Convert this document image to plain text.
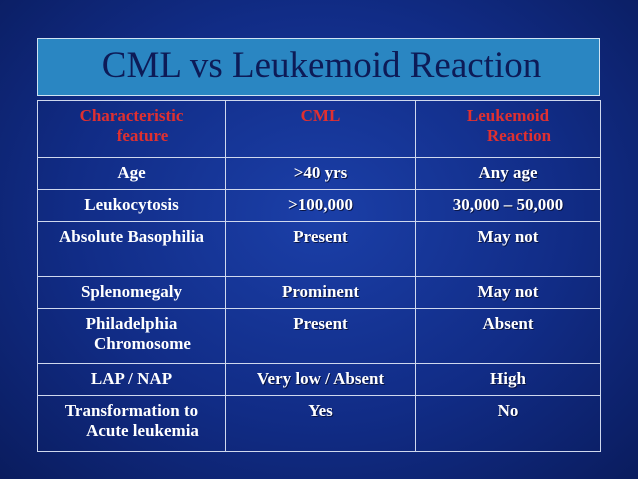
CML vs Leukemoid Reaction
Characteristic
feature	CML	Leukemoid
Reaction
Age	>40 yrs	Any age
Leukocytosis	>100,000	30,000 – 50,000
Absolute Basophilia	Present	May not
Splenomegaly	Prominent	May not
Philadelphia
Chromosome	Present	Absent
LAP / NAP	Very low / Absent	High
Transformation to
Acute leukemia	Yes	No
